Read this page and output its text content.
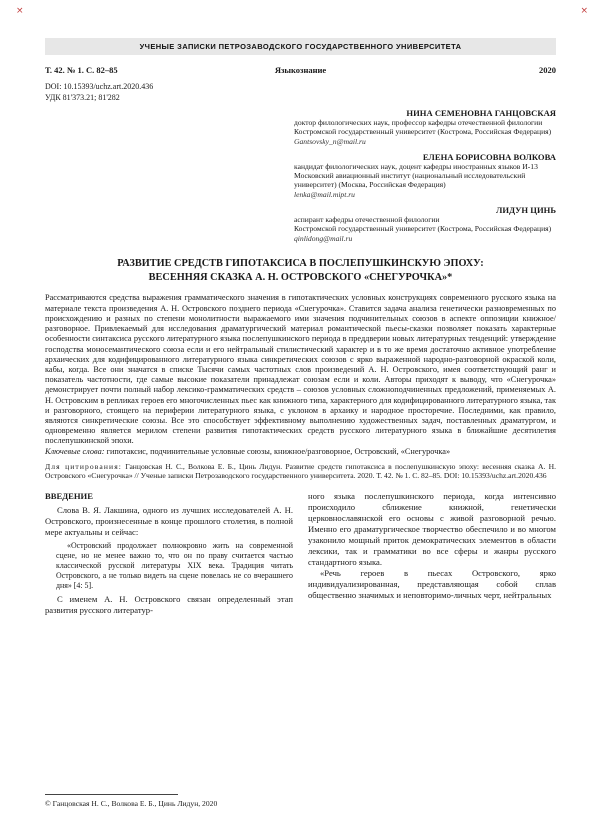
×	×
УЧЕНЫЕ ЗАПИСКИ ПЕТРОЗАВОДСКОГО ГОСУДАРСТВЕННОГО УНИВЕРСИТЕТА
Т. 42. № 1. С. 82–85	Языкознание	2020
DOI: 10.15393/uchz.art.2020.436
УДК 81'373.21; 81'282
НИНА СЕМЕНОВНА ГАНЦОВСКАЯ
доктор филологических наук, профессор кафедры отечественной филологии
Костромской государственный университет (Кострома, Российская Федерация)
Gantsovsky_n@mail.ru
ЕЛЕНА БОРИСОВНА ВОЛКОВА
кандидат филологических наук, доцент кафедры иностранных языков И-13
Московский авиационный институт (национальный исследовательский университет) (Москва, Российская Федерация)
lenka@mail.mipt.ru
ЛИДУН ЦИНЬ
аспирант кафедры отечественной филологии
Костромской государственный университет (Кострома, Российская Федерация)
qinlidong@mail.ru
РАЗВИТИЕ СРЕДСТВ ГИПОТАКСИСА В ПОСЛЕПУШКИНСКУЮ ЭПОХУ:
ВЕСЕННЯЯ СКАЗКА А. Н. ОСТРОВСКОГО «СНЕГУРОЧКА»*
Рассматриваются средства выражения грамматического значения в гипотактических условных конструкциях современного русского языка на материале текста произведения А. Н. Островского позднего периода «Снегурочка». Ставится задача анализа генетически разновременных по происхождению и разных по степени монолитности выражаемого ими значения подчинительных союзов в аспекте оппозиции книжное/разговорное. Привлекаемый для исследования драматургический материал романтической пьесы-сказки позволяет показать характерные особенности синтаксиса русского литературного языка послепушкинского периода в преддверии новых литературных тенденций: утверждение господства моносемантического союза если и его нейтральный стилистический характер и в то же время достаточно активное употребление архаических для кодифицированного литературного языка синкретических союзов с ярко выраженной народно-разговорной окраской коли, кабы, когда. Все они значатся в списке Тысячи самых частотных слов произведений А. Н. Островского, имея соответствующий ранг и показатель частотности, где самые высокие показатели принадлежат союзам если и коли. Авторы приходят к выводу, что «Снегурочка» демонстрирует почти полный набор лексико-грамматических средств – союзов условных сложноподчиненных предложений, применяемых А. Н. Островским в репликах героев его многочисленных пьес как книжного типа, характерного для кодифицированного литературного языка, так и разговорного, стоящего на периферии литературного языка, с уклоном в архаику и народное просторечие. Последними, как правило, являются синкретические союзы. Все это способствует эффективному выполнению художественных задач, поставленных драматургом, и одновременно является мерилом степени развития гипотактических средств русского литературного языка в ближайшие десятилетия послепушкинской эпохи.
Ключевые слова: гипотаксис, подчинительные условные союзы, книжное/разговорное, Островский, «Снегурочка»
Для цитирования: Ганцовская Н. С., Волкова Е. Б., Цинь Лидун. Развитие средств гипотаксиса в послепушкинскую эпоху: весенняя сказка А. Н. Островского «Снегурочка» // Ученые записки Петрозаводского государственного университета. 2020. Т. 42. № 1. С. 82–85. DOI: 10.15393/uchz.art.2020.436
ВВЕДЕНИЕ
Слова В. Я. Лакшина, одного из лучших исследователей А. Н. Островского, произнесенные в конце прошлого столетия, в полной мере актуальны и сейчас:
«Островский продолжает полнокровно жить на современной сцене, но не менее важно то, что он по праву считается частью классической русской литературы XIX века. Традиция читать Островского, а не только видеть на сцене повелась не со вчерашнего дня» [4: 5].
С именем А. Н. Островского связан определенный этап развития русского литератур-
ного языка послепушкинского периода, когда интенсивно происходило сближение книжной, генетически церковнославянской его основы с живой разговорной речью. Именно его драматургическое творчество обеспечило и во многом узаконило мощный приток демократических элементов в области лексики, так и грамматики во все сферы и жанры русского стандартного языка.
«Речь героев в пьесах Островского, ярко индивидуализированная, представляющая собой сплав общественно значимых и неповторимо-личных черт, нейтральных
© Ганцовская Н. С., Волкова Е. Б., Цинь Лидун, 2020
